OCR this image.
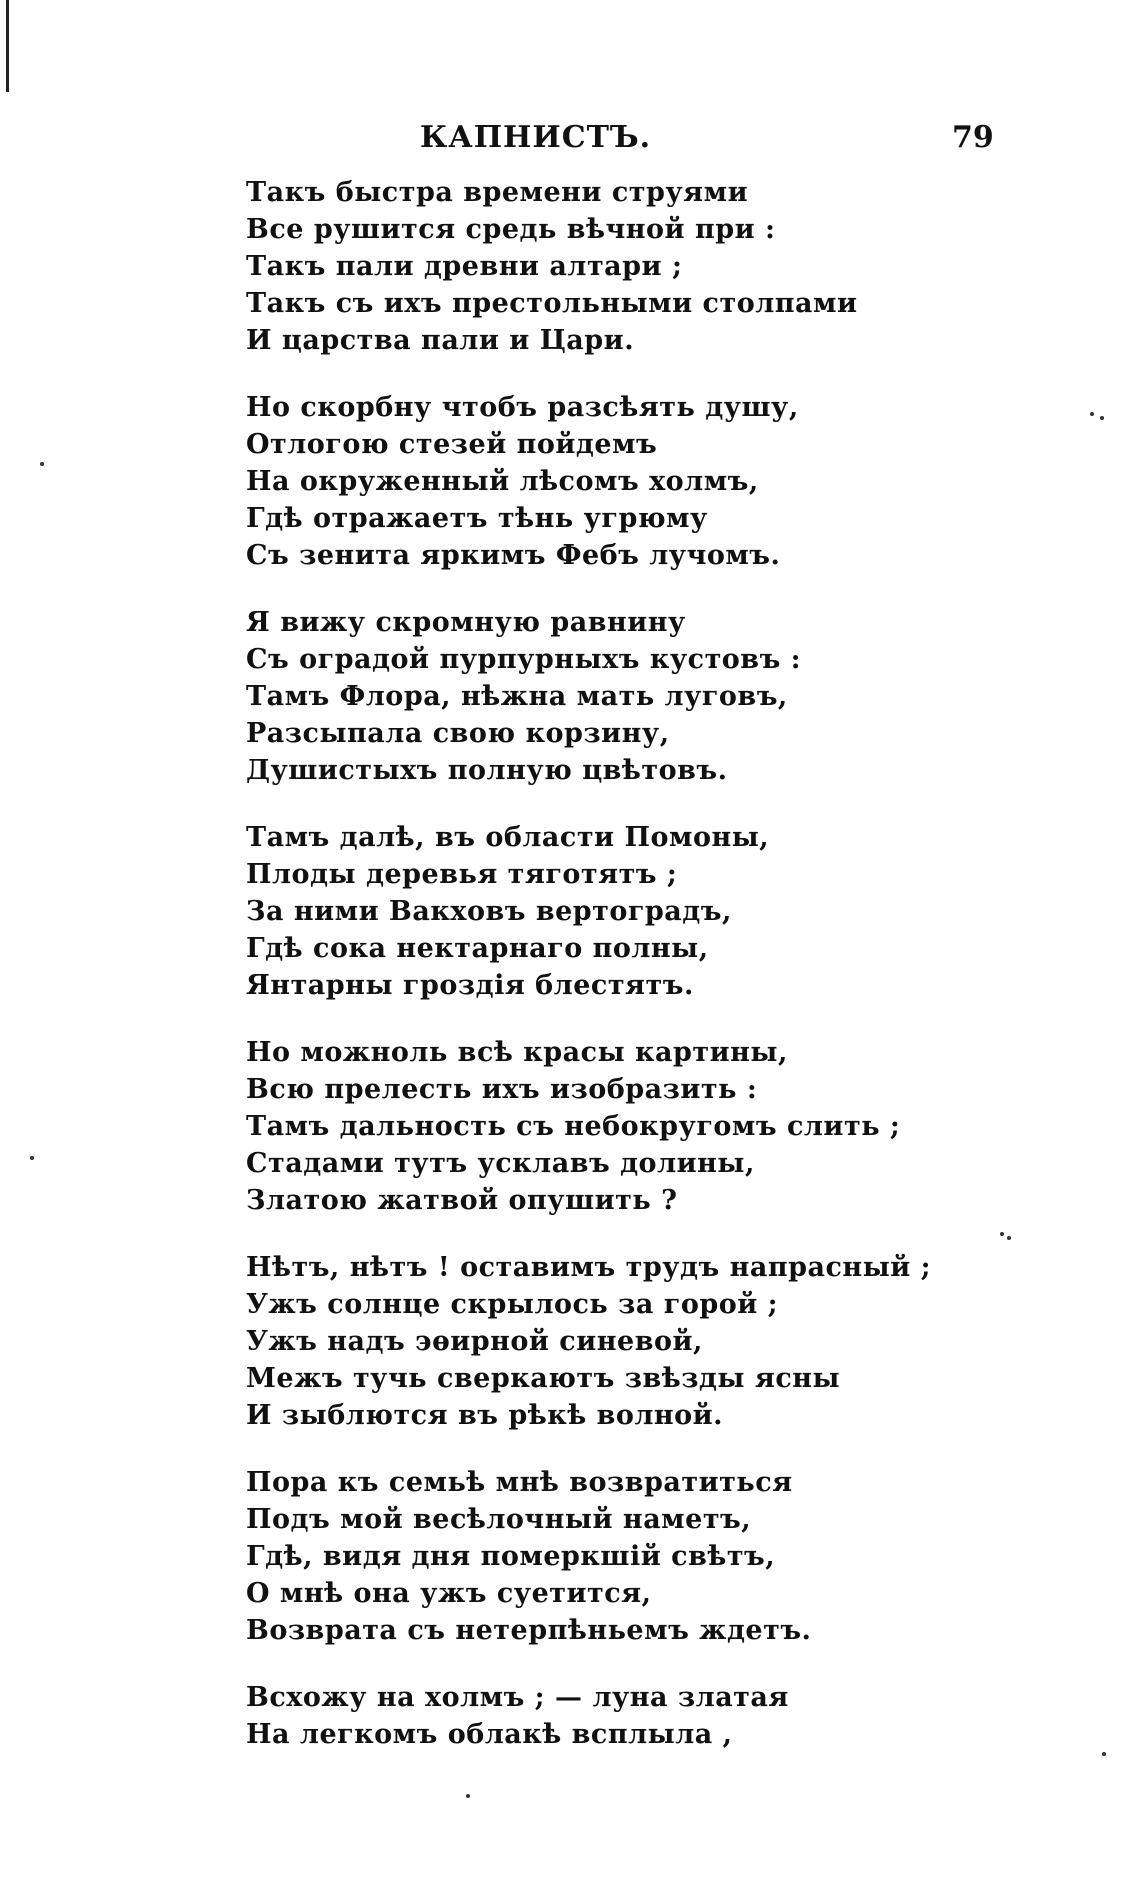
КАПНИСТЪ.	79
Такъ быстра времени струями
Все рушится средь вѣчной при :
Такъ пали древни алтари ;
Такъ съ ихъ престольными столпами
И царства пали и Цари.
Но скорбну чтобъ разсѣять душу,
Отлогою стезей пойдемъ
На окруженный лѣсомъ холмъ,
Гдѣ отражаетъ тѣнь угрюму
Съ зенита яркимъ Фебъ лучомъ.
Я вижу скромную равнину
Съ оградой пурпурныхъ кустовъ :
Тамъ Флора, нѣжна мать луговъ,
Разсыпала свою корзину,
Душистыхъ полную цвѣтовъ.
Тамъ далѣ, въ области Помоны,
Плоды деревья тяготятъ ;
За ними Вакховъ вертоградъ,
Гдѣ сока нектарнаго полны,
Янтарны гроздія блестятъ.
Но можноль всѣ красы картины,
Всю прелесть ихъ изобразить :
Тамъ дальность съ небокругомъ слить ;
Стадами тутъ усклавъ долины,
Златою жатвой опушить ?
Нѣтъ, нѣтъ ! оставимъ трудъ напрасный ;
Ужъ солнце скрылось за горой ;
Ужъ надъ эѳирной синевой,
Межъ тучь сверкаютъ звѣзды ясны
И зыблются въ рѣкѣ волной.
Пора къ семьѣ мнѣ возвратиться
Подъ мой весѣлочный наметъ,
Гдѣ, видя дня померкшій свѣтъ,
О мнѣ она ужъ суетится,
Возврата съ нетерпѣньемъ ждетъ.
Всхожу на холмъ ; — луна златая
На легкомъ облакѣ всплыла ,
